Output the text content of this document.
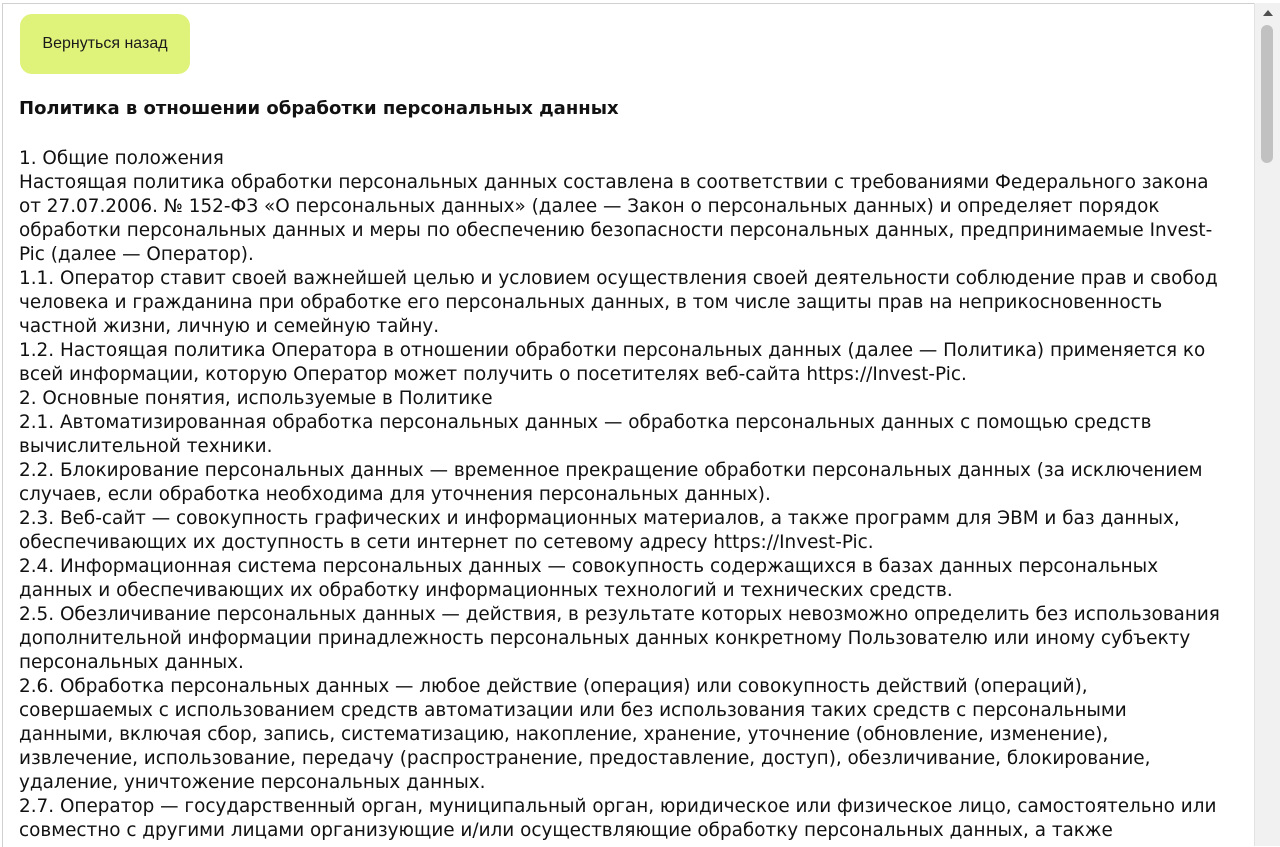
Вернуться назад
Политика в отношении обработки персональных данных

1. Общие положения

Настоящая политика обработки персональных данных составлена в соответствии с требованиями Федерального закона

от 27.07.2006. № 152-ФЗ «О персональных данных» (далее — Закон о персональных данных) и определяет порядок

обработки персональных данных и меры по обеспечению безопасности персональных данных, предпринимаемые Invest-

Pic (далее — Оператор).

1.1. Оператор ставит своей важнейшей целью и условием осуществления своей деятельности соблюдение прав и свобод

человека и гражданина при обработке его персональных данных, в том числе защиты прав на неприкосновенность

частной жизни, личную и семейную тайну.

1.2. Настоящая политика Оператора в отношении обработки персональных данных (далее — Политика) применяется ко

всей информации, которую Оператор может получить о посетителях веб-сайта https://Invest-Pic.

2. Основные понятия, используемые в Политике

2.1. Автоматизированная обработка персональных данных — обработка персональных данных с помощью средств

вычислительной техники.

2.2. Блокирование персональных данных — временное прекращение обработки персональных данных (за исключением

случаев, если обработка необходима для уточнения персональных данных).

2.3. Веб-сайт — совокупность графических и информационных материалов, а также программ для ЭВМ и баз данных,

обеспечивающих их доступность в сети интернет по сетевому адресу https://Invest-Pic.

2.4. Информационная система персональных данных — совокупность содержащихся в базах данных персональных

данных и обеспечивающих их обработку информационных технологий и технических средств.

2.5. Обезличивание персональных данных — действия, в результате которых невозможно определить без использования

дополнительной информации принадлежность персональных данных конкретному Пользователю или иному субъекту

персональных данных.

2.6. Обработка персональных данных — любое действие (операция) или совокупность действий (операций),

совершаемых с использованием средств автоматизации или без использования таких средств с персональными

данными, включая сбор, запись, систематизацию, накопление, хранение, уточнение (обновление, изменение),

извлечение, использование, передачу (распространение, предоставление, доступ), обезличивание, блокирование,

удаление, уничтожение персональных данных.

2.7. Оператор — государственный орган, муниципальный орган, юридическое или физическое лицо, самостоятельно или

совместно с другими лицами организующие и/или осуществляющие обработку персональных данных, а также
